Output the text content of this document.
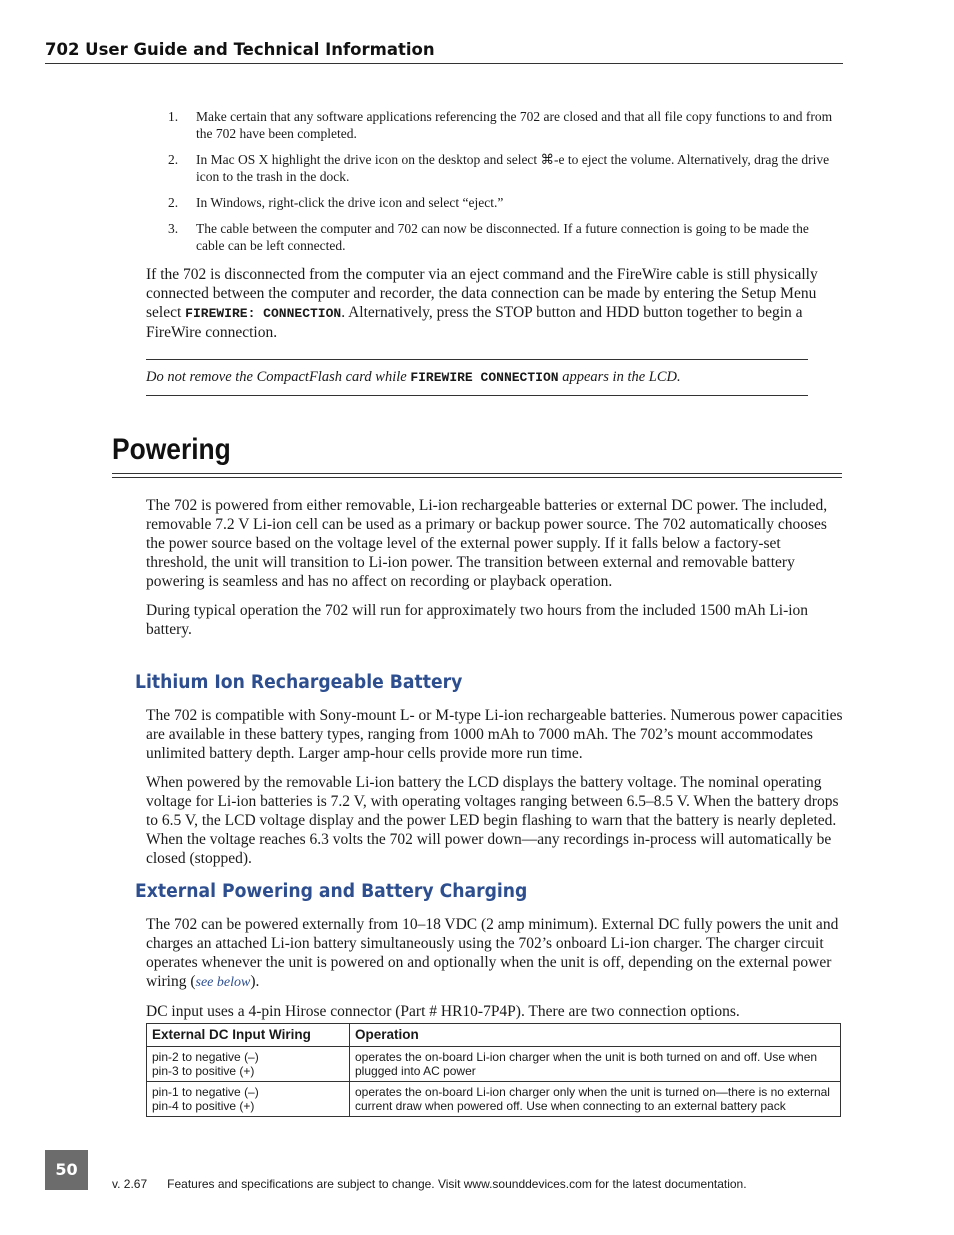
702 User Guide and Technical Information
1.	Make certain that any software applications referencing the 702 are closed and that all file copy functions to and from the 702 have been completed.
2.	In Mac OS X highlight the drive icon on the desktop and select ⌘-e to eject the volume. Alternatively, drag the drive icon to the trash in the dock.
2.	In Windows, right-click the drive icon and select “eject.”
3.	The cable between the computer and 702 can now be disconnected. If a future connection is going to be made the cable can be left connected.

If the 702 is disconnected from the computer via an eject command and the FireWire cable is still physically connected between the computer and recorder, the data connection can be made by entering the Setup Menu select FIREWIRE: CONNECTION. Alternatively, press the STOP button and HDD button together to begin a FireWire connection.

Do not remove the CompactFlash card while FIREWIRE CONNECTION appears in the LCD.
Powering

The 702 is powered from either removable, Li-ion rechargeable batteries or external DC power. The included, removable 7.2 V Li-ion cell can be used as a primary or backup power source. The 702 automatically chooses the power source based on the voltage level of the external power supply. If it falls below a factory-set threshold, the unit will transition to Li-ion power. The transition between external and removable battery powering is seamless and has no affect on recording or playback operation.

During typical operation the 702 will run for approximately two hours from the included 1500 mAh Li-ion battery.

Lithium Ion Rechargeable Battery

The 702 is compatible with Sony-mount L- or M-type Li-ion rechargeable batteries. Numerous power capacities are available in these battery types, ranging from 1000 mAh to 7000 mAh. The 702’s mount accommodates unlimited battery depth. Larger amp-hour cells provide more run time.

When powered by the removable Li-ion battery the LCD displays the battery voltage. The nominal operating voltage for Li-ion batteries is 7.2 V, with operating voltages ranging between 6.5–8.5 V. When the battery drops to 6.5 V, the LCD voltage display and the power LED begin flashing to warn that the battery is nearly depleted. When the voltage reaches 6.3 volts the 702 will power down—any recordings in-process will automatically be closed (stopped).

External Powering and Battery Charging

The 702 can be powered externally from 10–18 VDC (2 amp minimum). External DC fully powers the unit and charges an attached Li-ion battery simultaneously using the 702’s onboard Li-ion charger. The charger circuit operates whenever the unit is powered on and optionally when the unit is off, depending on the external power wiring (see below).

DC input uses a 4-pin Hirose connector (Part # HR10-7P4P). There are two connection options.

External DC Input Wiring	Operation

pin-2 to negative (–)
pin-3 to positive (+)	operates the on-board Li-ion charger when the unit is both turned on and off. Use when plugged into AC power

pin-1 to negative (–)
pin-4 to positive (+)	operates the on-board Li-ion charger only when the unit is turned on—there is no external current draw when powered off. Use when connecting to an external battery pack
50
v. 2.67 Features and specifications are subject to change. Visit www.sounddevices.com for the latest documentation.
